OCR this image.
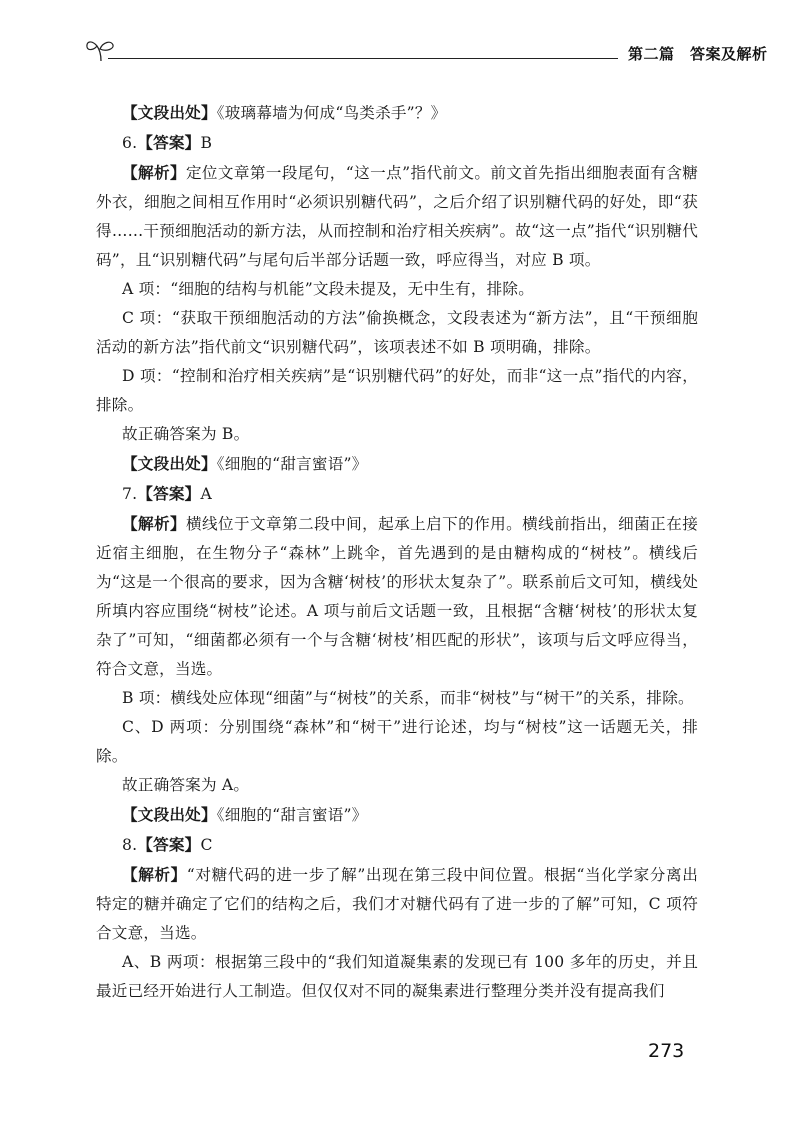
第二篇　答案及解析

【文段出处】《玻璃幕墙为何成“鸟类杀手”？》

6.【答案】B

【解析】定位文章第一段尾句，“这一点”指代前文。前文首先指出细胞表面有含糖外衣，细胞之间相互作用时“必须识别糖代码”，之后介绍了识别糖代码的好处，即“获得……干预细胞活动的新方法，从而控制和治疗相关疾病”。故“这一点”指代“识别糖代码”，且“识别糖代码”与尾句后半部分话题一致，呼应得当，对应 B 项。

A 项：“细胞的结构与机能”文段未提及，无中生有，排除。

C 项：“获取干预细胞活动的方法”偷换概念，文段表述为“新方法”，且“干预细胞活动的新方法”指代前文“识别糖代码”，该项表述不如 B 项明确，排除。

D 项：“控制和治疗相关疾病”是“识别糖代码”的好处，而非“这一点”指代的内容，排除。

故正确答案为 B。

【文段出处】《细胞的“甜言蜜语”》

7.【答案】A

【解析】横线位于文章第二段中间，起承上启下的作用。横线前指出，细菌正在接近宿主细胞，在生物分子“森林”上跳伞，首先遇到的是由糖构成的“树枝”。横线后为“这是一个很高的要求，因为含糖‘树枝’的形状太复杂了”。联系前后文可知，横线处所填内容应围绕“树枝”论述。A 项与前后文话题一致，且根据“含糖‘树枝’的形状太复杂了”可知，“细菌都必须有一个与含糖‘树枝’相匹配的形状”，该项与后文呼应得当，符合文意，当选。

B 项：横线处应体现“细菌”与“树枝”的关系，而非“树枝”与“树干”的关系，排除。

C、D 两项：分别围绕“森林”和“树干”进行论述，均与“树枝”这一话题无关，排除。

故正确答案为 A。

【文段出处】《细胞的“甜言蜜语”》

8.【答案】C

【解析】“对糖代码的进一步了解”出现在第三段中间位置。根据“当化学家分离出特定的糖并确定了它们的结构之后，我们才对糖代码有了进一步的了解”可知，C 项符合文意，当选。

A、B 两项：根据第三段中的“我们知道凝集素的发现已有 100 多年的历史，并且最近已经开始进行人工制造。但仅仅对不同的凝集素进行整理分类并没有提高我们

273
